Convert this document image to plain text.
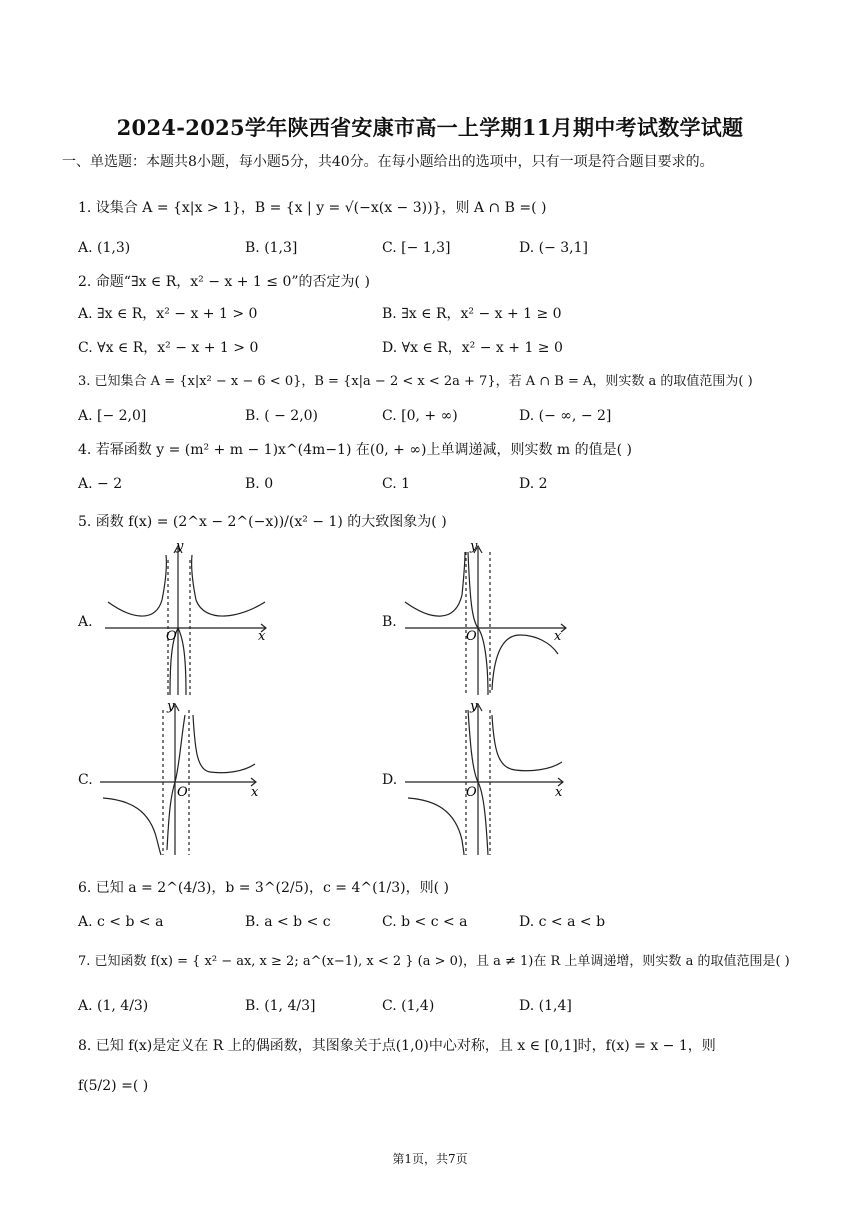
2024-2025学年陕西省安康市高一上学期11月期中考试数学试题
一、单选题：本题共8小题，每小题5分，共40分。在每小题给出的选项中，只有一项是符合题目要求的。
1. 设集合 A = {x|x > 1}，B = {x | y = √(−x(x − 3))}，则 A ∩ B =( )
A. (1,3)	B. (1,3]	C. [− 1,3]	D. (− 3,1]
2. 命题“∃x ∈ R，x² − x + 1 ≤ 0”的否定为( )
A. ∃x ∈ R，x² − x + 1 > 0	B. ∃x ∈ R，x² − x + 1 ≥ 0
C. ∀x ∈ R，x² − x + 1 > 0	D. ∀x ∈ R，x² − x + 1 ≥ 0
3. 已知集合 A = {x|x² − x − 6 < 0}，B = {x|a − 2 < x < 2a + 7}，若 A ∩ B = A，则实数 a 的取值范围为( )
A. [− 2,0]	B. ( − 2,0)	C. [0, + ∞)	D. (− ∞, − 2]
4. 若幂函数 y = (m² + m − 1)x^(4m−1) 在(0, + ∞)上单调递减，则实数 m 的值是( )
A. − 2	B. 0	C. 1	D. 2
5. 函数 f(x) = (2^x − 2^(−x))/(x² − 1) 的大致图象为( )
A.
y
x
O
B.
y
x
O
C.
y
x
O
D.
y
x
O
6. 已知 a = 2^(4/3)，b = 3^(2/5)，c = 4^(1/3)，则( )
A. c < b < a	B. a < b < c	C. b < c < a	D. c < a < b
7. 已知函数 f(x) = { x² − ax, x ≥ 2; a^(x−1), x < 2 } (a > 0)，且 a ≠ 1)在 R 上单调递增，则实数 a 的取值范围是( )
A. (1, 4/3)	B. (1, 4/3]	C. (1,4)	D. (1,4]
8. 已知 f(x)是定义在 R 上的偶函数，其图象关于点(1,0)中心对称，且 x ∈ [0,1]时，f(x) = x − 1，则
f(5/2) =( )
第1页，共7页
